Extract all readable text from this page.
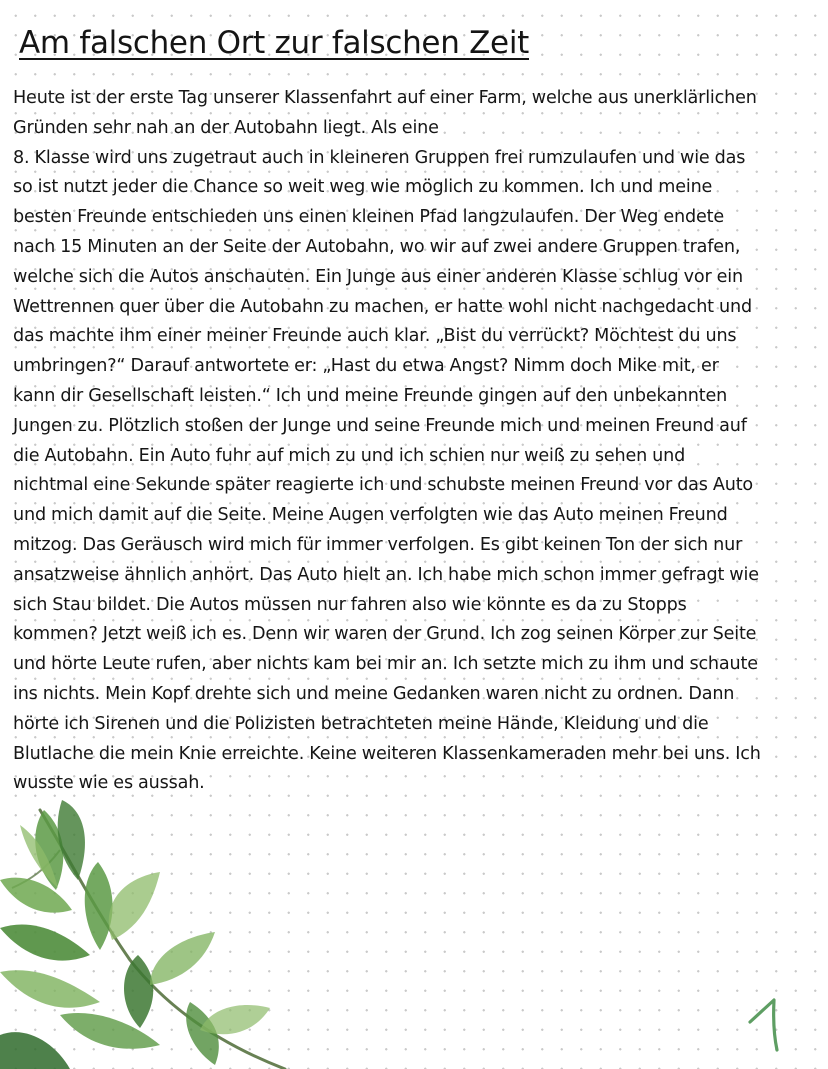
Am falschen Ort zur falschen Zeit
Heute ist der erste Tag unserer Klassenfahrt auf einer Farm, welche aus unerklärlichen
Gründen sehr nah an der Autobahn liegt. Als eine
8. Klasse wird uns zugetraut auch in kleineren Gruppen frei rumzulaufen und wie das
so ist nutzt jeder die Chance so weit weg wie möglich zu kommen. Ich und meine
besten Freunde entschieden uns einen kleinen Pfad langzulaufen. Der Weg endete
nach 15 Minuten an der Seite der Autobahn, wo wir auf zwei andere Gruppen trafen,
welche sich die Autos anschauten. Ein Junge aus einer anderen Klasse schlug vor ein
Wettrennen quer über die Autobahn zu machen, er hatte wohl nicht nachgedacht und
das machte ihm einer meiner Freunde auch klar. „Bist du verrückt? Möchtest du uns
umbringen?“ Darauf antwortete er: „Hast du etwa Angst? Nimm doch Mike mit, er
kann dir Gesellschaft leisten.“ Ich und meine Freunde gingen auf den unbekannten
Jungen zu. Plötzlich stoßen der Junge und seine Freunde mich und meinen Freund auf
die Autobahn. Ein Auto fuhr auf mich zu und ich schien nur weiß zu sehen und
nichtmal eine Sekunde später reagierte ich und schubste meinen Freund vor das Auto
und mich damit auf die Seite. Meine Augen verfolgten wie das Auto meinen Freund
mitzog. Das Geräusch wird mich für immer verfolgen. Es gibt keinen Ton der sich nur
ansatzweise ähnlich anhört. Das Auto hielt an. Ich habe mich schon immer gefragt wie
sich Stau bildet. Die Autos müssen nur fahren also wie könnte es da zu Stopps
kommen? Jetzt weiß ich es. Denn wir waren der Grund. Ich zog seinen Körper zur Seite
und hörte Leute rufen, aber nichts kam bei mir an. Ich setzte mich zu ihm und schaute
ins nichts. Mein Kopf drehte sich und meine Gedanken waren nicht zu ordnen. Dann
hörte ich Sirenen und die Polizisten betrachteten meine Hände, Kleidung und die
Blutlache die mein Knie erreichte. Keine weiteren Klassenkameraden mehr bei uns. Ich
wusste wie es aussah.
1
